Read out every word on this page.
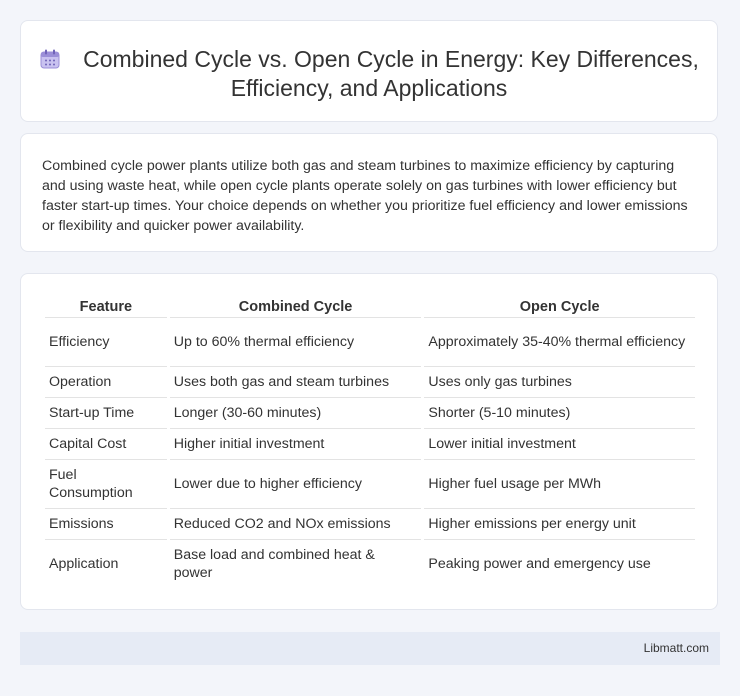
Combined Cycle vs. Open Cycle in Energy: Key Differences, Efficiency, and Applications
Combined cycle power plants utilize both gas and steam turbines to maximize efficiency by capturing and using waste heat, while open cycle plants operate solely on gas turbines with lower efficiency but faster start-up times. Your choice depends on whether you prioritize fuel efficiency and lower emissions or flexibility and quicker power availability.
Feature	Combined Cycle	Open Cycle
Efficiency	Up to 60% thermal efficiency	Approximately 35-40% thermal efficiency
Operation	Uses both gas and steam turbines	Uses only gas turbines
Start-up Time	Longer (30-60 minutes)	Shorter (5-10 minutes)
Capital Cost	Higher initial investment	Lower initial investment
Fuel Consumption	Lower due to higher efficiency	Higher fuel usage per MWh
Emissions	Reduced CO2 and NOx emissions	Higher emissions per energy unit
Application	Base load and combined heat & power	Peaking power and emergency use
Libmatt.com
